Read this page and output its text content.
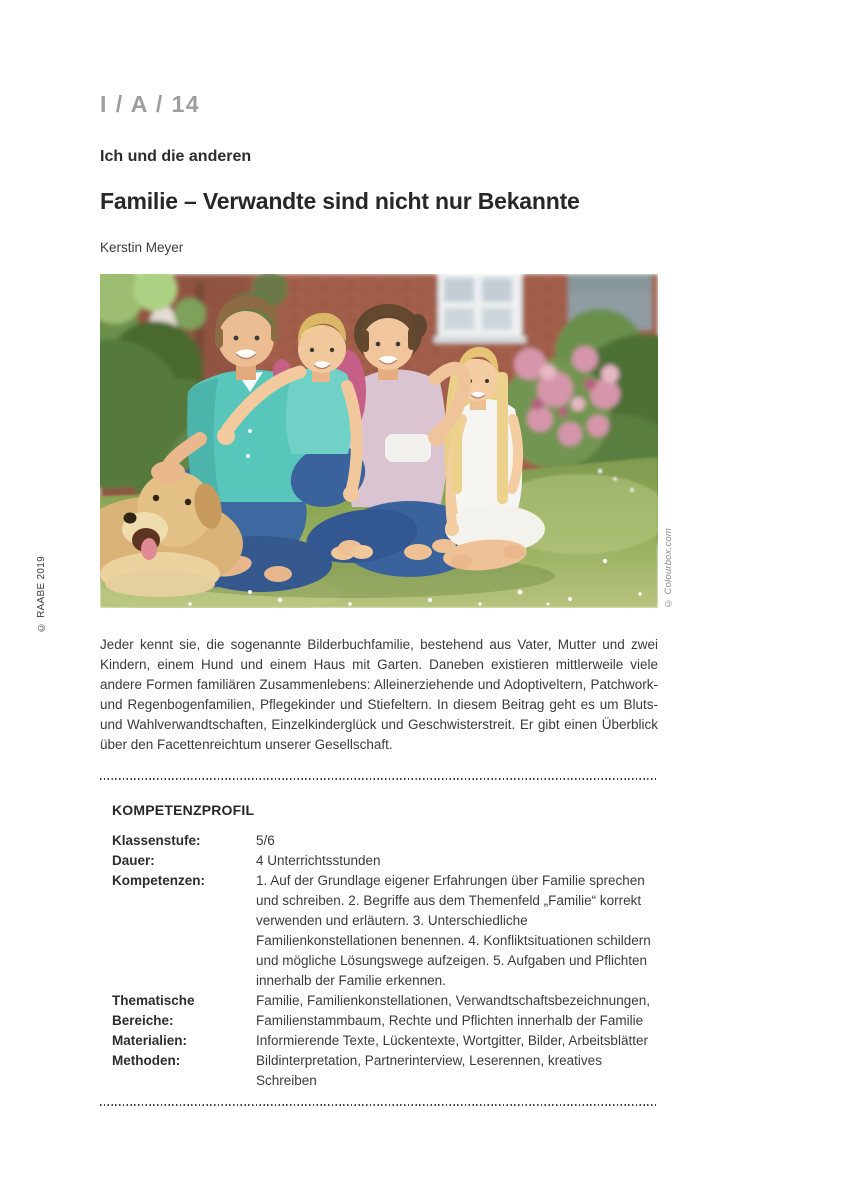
© RAABE 2019
I / A / 14
Ich und die anderen
Familie – Verwandte sind nicht nur Bekannte
Kerstin Meyer
© Colourbox.com

Jeder kennt sie, die sogenannte Bilderbuchfamilie, bestehend aus Vater, Mutter und zwei Kindern, einem Hund und einem Haus mit Garten. Daneben existieren mittlerweile viele andere Formen familiären Zusammenlebens: Alleinerziehende und Adoptiveltern, Patchwork- und Regenbogenfamilien, Pflegekinder und Stiefeltern. In diesem Beitrag geht es um Bluts- und Wahlverwandtschaften, Einzelkinderglück und Geschwisterstreit. Er gibt einen Überblick über den Facettenreichtum unserer Gesellschaft.

KOMPETENZPROFIL
Klassenstufe:	5/6
Dauer:	4 Unterrichtsstunden
Kompetenzen:	1. Auf der Grundlage eigener Erfahrungen über Familie sprechen und schreiben. 2. Begriffe aus dem Themenfeld „Familie“ korrekt verwenden und erläutern. 3. Unterschiedliche Familienkonstellationen benennen. 4. Konfliktsituationen schildern und mögliche Lösungswege aufzeigen. 5. Aufgaben und Pflichten innerhalb der Familie erkennen.
Thematische Bereiche:
Familie, Familienkonstellationen, Verwandtschaftsbezeichnungen, Familienstammbaum, Rechte und Pflichten innerhalb der Familie
Materialien:	Informierende Texte, Lückentexte, Wortgitter, Bilder, Arbeitsblätter
Methoden:	Bildinterpretation, Partnerinterview, Leserennen, kreatives Schreiben
